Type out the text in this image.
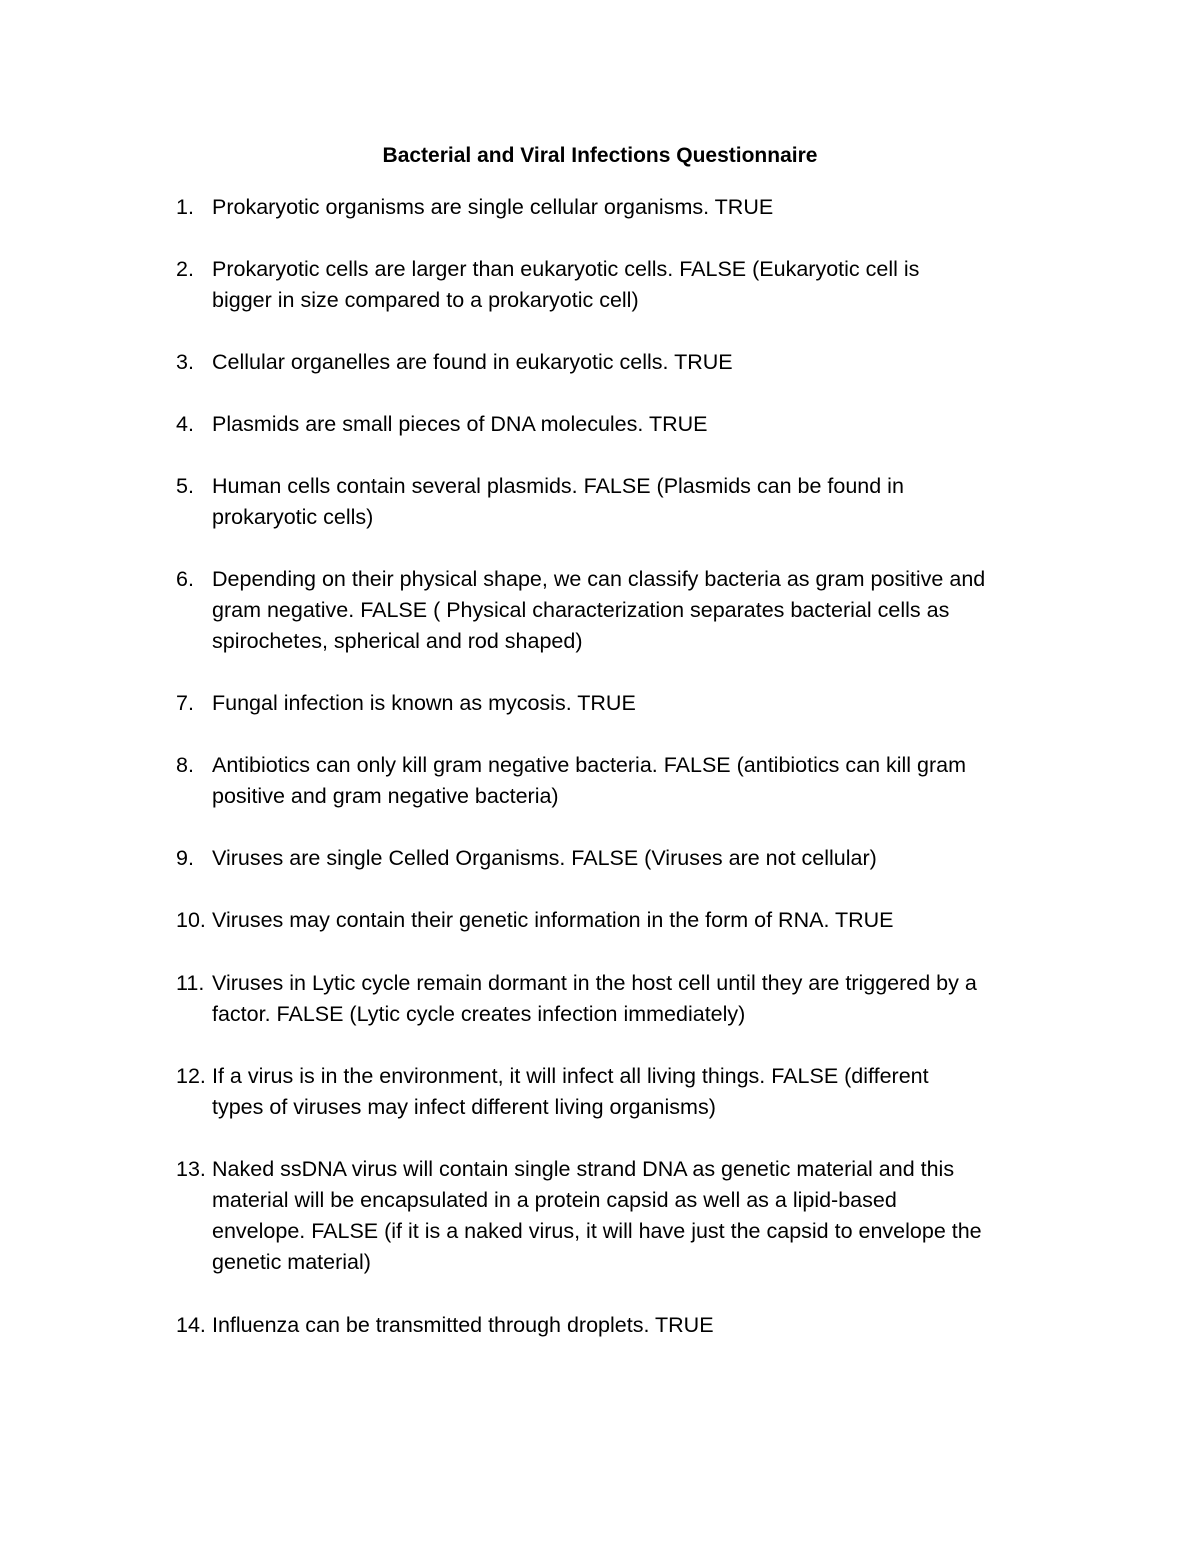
Bacterial and Viral Infections Questionnaire
1. Prokaryotic organisms are single cellular organisms. TRUE
2. Prokaryotic cells are larger than eukaryotic cells. FALSE (Eukaryotic cell is
bigger in size compared to a prokaryotic cell)
3. Cellular organelles are found in eukaryotic cells. TRUE
4. Plasmids are small pieces of DNA molecules. TRUE
5. Human cells contain several plasmids. FALSE (Plasmids can be found in
prokaryotic cells)
6. Depending on their physical shape, we can classify bacteria as gram positive and
gram negative. FALSE ( Physical characterization separates bacterial cells as
spirochetes, spherical and rod shaped)
7. Fungal infection is known as mycosis. TRUE
8. Antibiotics can only kill gram negative bacteria. FALSE (antibiotics can kill gram
positive and gram negative bacteria)
9. Viruses are single Celled Organisms. FALSE (Viruses are not cellular)
10. Viruses may contain their genetic information in the form of RNA. TRUE
11. Viruses in Lytic cycle remain dormant in the host cell until they are triggered by a
factor. FALSE (Lytic cycle creates infection immediately)
12. If a virus is in the environment, it will infect all living things. FALSE (different
types of viruses may infect different living organisms)
13. Naked ssDNA virus will contain single strand DNA as genetic material and this
material will be encapsulated in a protein capsid as well as a lipid-based
envelope. FALSE (if it is a naked virus, it will have just the capsid to envelope the
genetic material)
14. Influenza can be transmitted through droplets. TRUE
